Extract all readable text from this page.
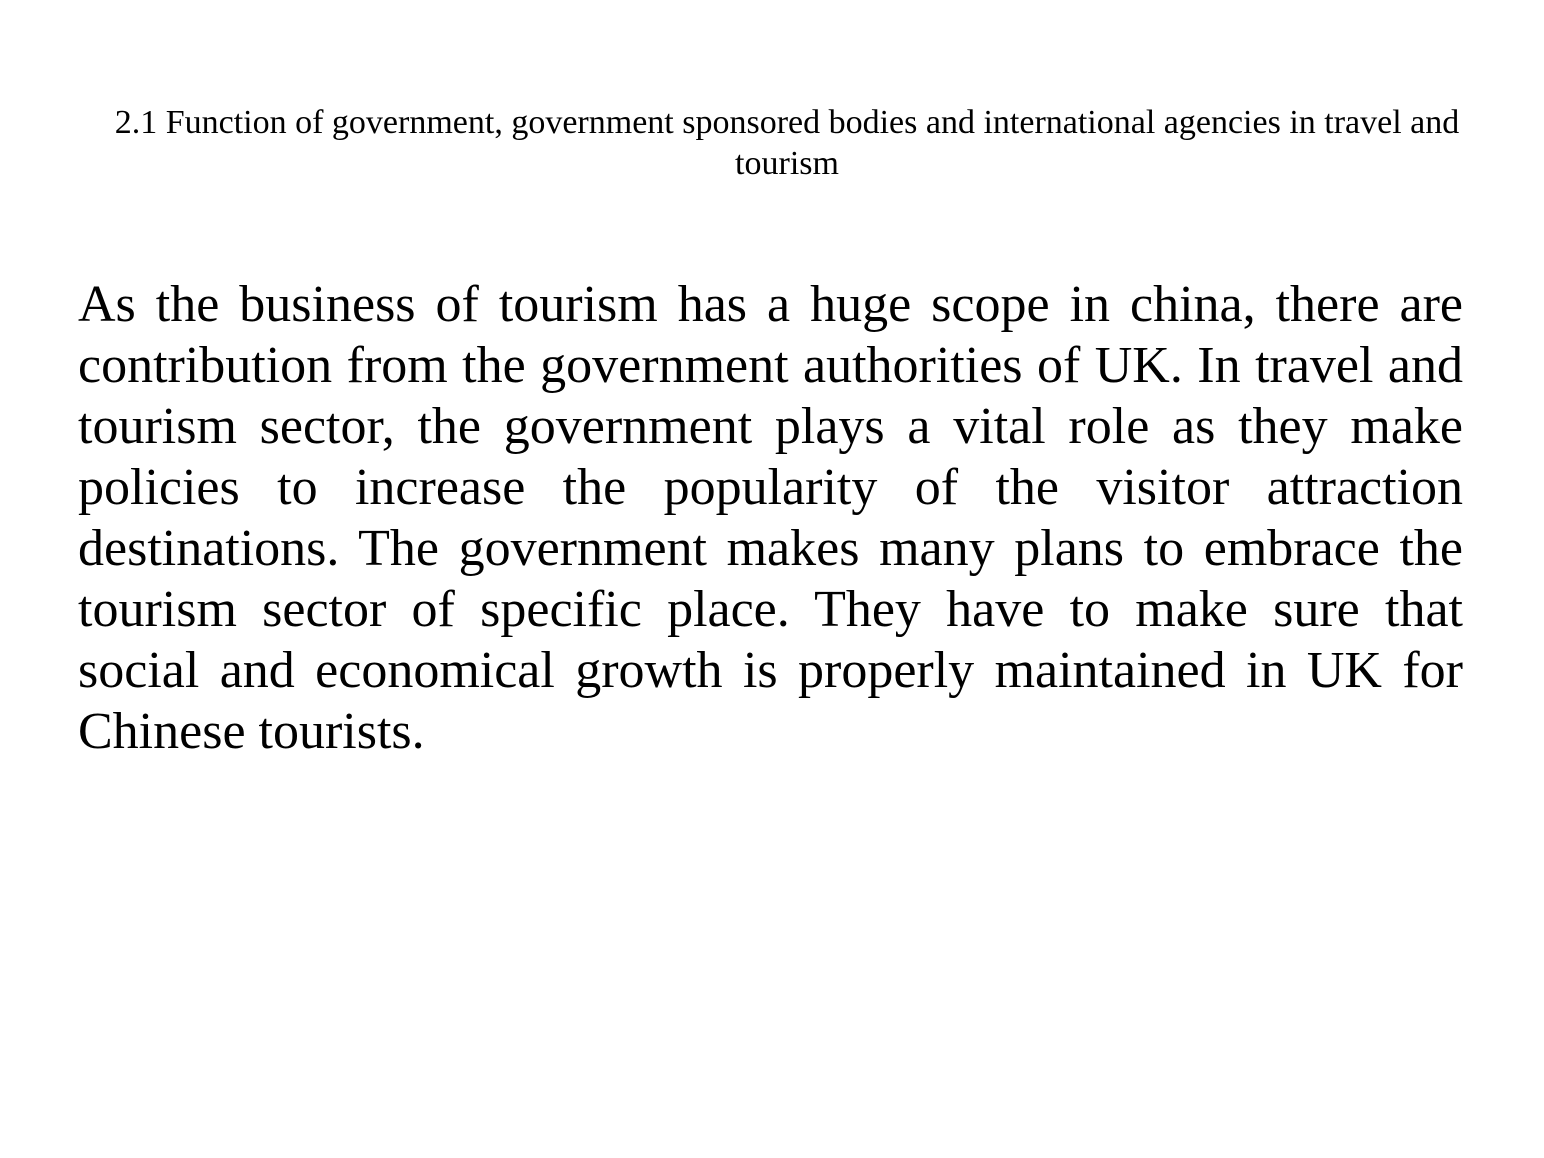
2.1 Function of government, government sponsored bodies and international agencies in travel and tourism

As the business of tourism has a huge scope in china, there are contribution from the government authorities of UK. In travel and tourism sector, the government plays a vital role as they make policies to increase the popularity of the visitor attraction destinations. The government makes many plans to embrace the tourism sector of specific place. They have to make sure that social and economical growth is properly maintained in UK for Chinese tourists.
